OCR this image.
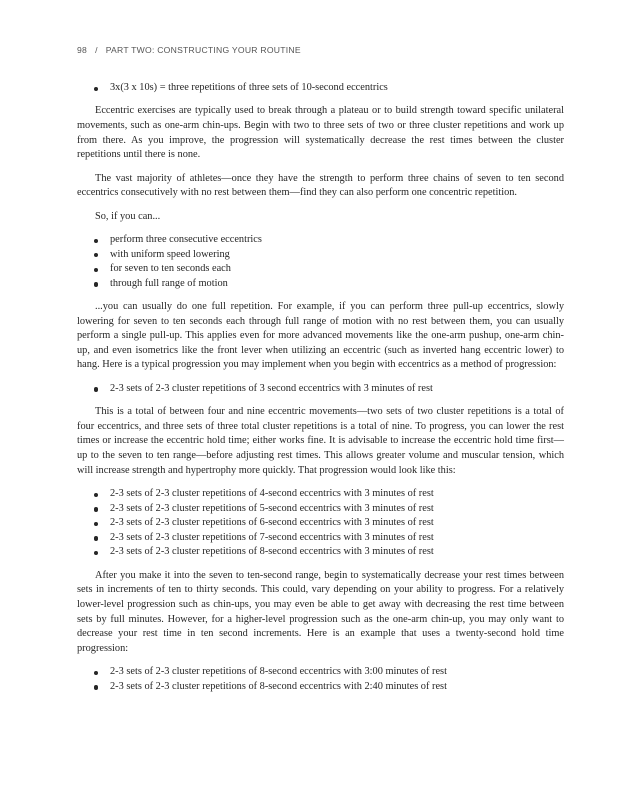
98 / PART TWO: CONSTRUCTING YOUR ROUTINE
3x(3 x 10s) = three repetitions of three sets of 10-second eccentrics

Eccentric exercises are typically used to break through a plateau or to build strength toward specific unilateral movements, such as one-arm chin-ups. Begin with two to three sets of two or three cluster repetitions and work up from there. As you improve, the progression will systematically decrease the rest times between the cluster repetitions until there is none.

The vast majority of athletes—once they have the strength to perform three chains of seven to ten second eccentrics consecutively with no rest between them—find they can also perform one concentric repetition.

So, if you can...

perform three consecutive eccentrics
with uniform speed lowering
for seven to ten seconds each
through full range of motion

...you can usually do one full repetition. For example, if you can perform three pull-up eccentrics, slowly lowering for seven to ten seconds each through full range of motion with no rest between them, you can usually perform a single pull-up. This applies even for more advanced movements like the one-arm pushup, one-arm chin-up, and even isometrics like the front lever when utilizing an eccentric (such as inverted hang eccentric lower) to hang. Here is a typical progression you may implement when you begin with eccentrics as a method of progression:

2-3 sets of 2-3 cluster repetitions of 3 second eccentrics with 3 minutes of rest

This is a total of between four and nine eccentric movements—two sets of two cluster repetitions is a total of four eccentrics, and three sets of three total cluster repetitions is a total of nine. To progress, you can lower the rest times or increase the eccentric hold time; either works fine. It is advisable to increase the eccentric hold time first—up to the seven to ten range—before adjusting rest times. This allows greater volume and muscular tension, which will increase strength and hypertrophy more quickly. That progression would look like this:

2-3 sets of 2-3 cluster repetitions of 4-second eccentrics with 3 minutes of rest
2-3 sets of 2-3 cluster repetitions of 5-second eccentrics with 3 minutes of rest
2-3 sets of 2-3 cluster repetitions of 6-second eccentrics with 3 minutes of rest
2-3 sets of 2-3 cluster repetitions of 7-second eccentrics with 3 minutes of rest
2-3 sets of 2-3 cluster repetitions of 8-second eccentrics with 3 minutes of rest

After you make it into the seven to ten-second range, begin to systematically decrease your rest times between sets in increments of ten to thirty seconds. This could, vary depending on your ability to progress. For a relatively lower-level progression such as chin-ups, you may even be able to get away with decreasing the rest time between sets by full minutes. However, for a higher-level progression such as the one-arm chin-up, you may only want to decrease your rest time in ten second increments. Here is an example that uses a twenty-second hold time progression:

2-3 sets of 2-3 cluster repetitions of 8-second eccentrics with 3:00 minutes of rest
2-3 sets of 2-3 cluster repetitions of 8-second eccentrics with 2:40 minutes of rest
